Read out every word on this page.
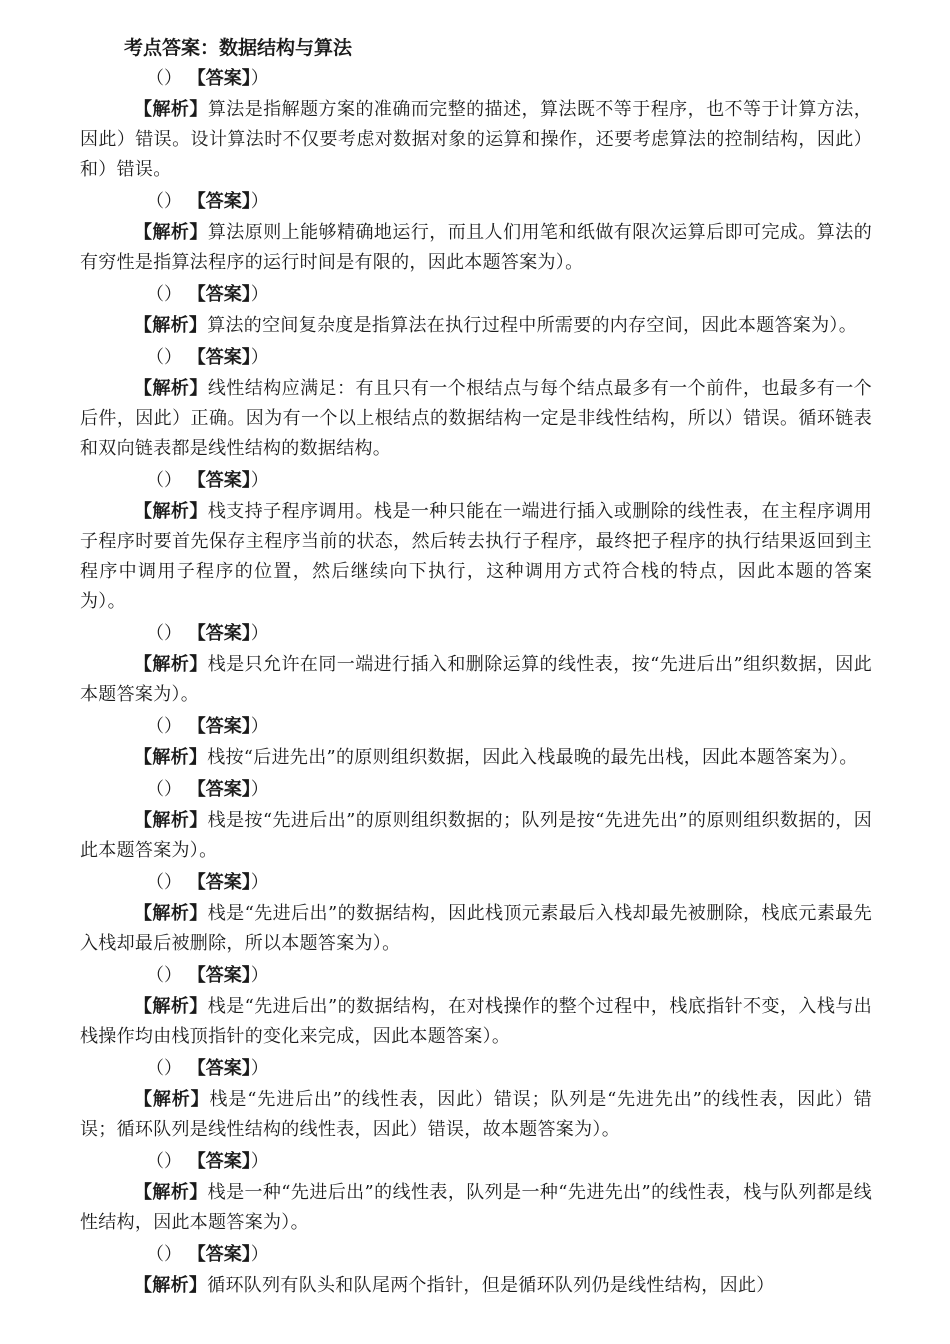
考点答案：数据结构与算法
（） 【答案】）

【解析】算法是指解题方案的准确而完整的描述，算法既不等于程序，也不等于计算方法，因此）错误。设计算法时不仅要考虑对数据对象的运算和操作，还要考虑算法的控制结构，因此）和）错误。

（） 【答案】）

【解析】算法原则上能够精确地运行，而且人们用笔和纸做有限次运算后即可完成。算法的有穷性是指算法程序的运行时间是有限的，因此本题答案为）。

（） 【答案】）

【解析】算法的空间复杂度是指算法在执行过程中所需要的内存空间，因此本题答案为）。

（） 【答案】）

【解析】线性结构应满足：有且只有一个根结点与每个结点最多有一个前件，也最多有一个后件，因此）正确。因为有一个以上根结点的数据结构一定是非线性结构，所以）错误。循环链表和双向链表都是线性结构的数据结构。

（） 【答案】）

【解析】栈支持子程序调用。栈是一种只能在一端进行插入或删除的线性表，在主程序调用子程序时要首先保存主程序当前的状态，然后转去执行子程序，最终把子程序的执行结果返回到主程序中调用子程序的位置，然后继续向下执行，这种调用方式符合栈的特点，因此本题的答案为）。

（） 【答案】）

【解析】栈是只允许在同一端进行插入和删除运算的线性表，按“先进后出”组织数据，因此本题答案为）。

（） 【答案】）

【解析】栈按“后进先出”的原则组织数据，因此入栈最晚的最先出栈，因此本题答案为）。

（） 【答案】）

【解析】栈是按“先进后出”的原则组织数据的；队列是按“先进先出”的原则组织数据的，因此本题答案为）。

（） 【答案】）

【解析】栈是“先进后出”的数据结构，因此栈顶元素最后入栈却最先被删除，栈底元素最先入栈却最后被删除，所以本题答案为）。

（） 【答案】）

【解析】栈是“先进后出”的数据结构，在对栈操作的整个过程中，栈底指针不变，入栈与出栈操作均由栈顶指针的变化来完成，因此本题答案）。

（） 【答案】）

【解析】栈是“先进后出”的线性表，因此）错误；队列是“先进先出”的线性表，因此）错误；循环队列是线性结构的线性表，因此）错误，故本题答案为）。

（） 【答案】）

【解析】栈是一种“先进后出”的线性表，队列是一种“先进先出”的线性表，栈与队列都是线性结构，因此本题答案为）。

（） 【答案】）

【解析】循环队列有队头和队尾两个指针，但是循环队列仍是线性结构，因此）
